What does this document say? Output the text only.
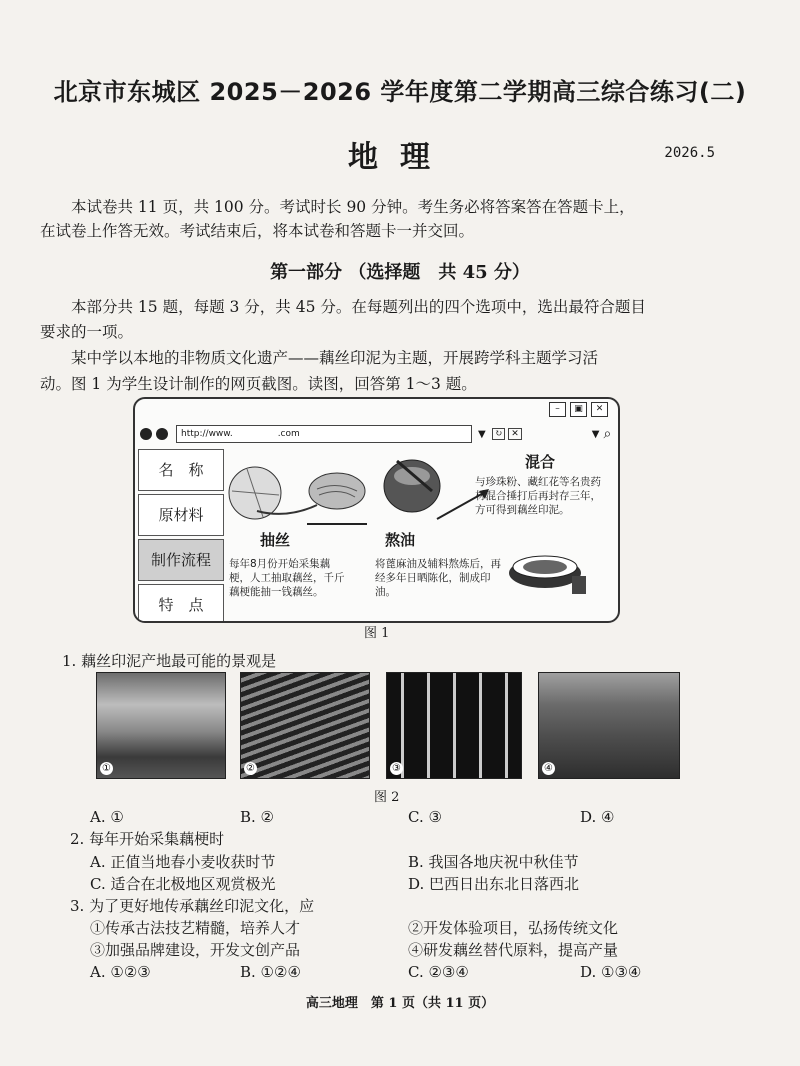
北京市东城区 2025－2026 学年度第二学期高三综合练习(二)
地理	2026.5
本试卷共 11 页，共 100 分。考试时长 90 分钟。考生务必将答案答在答题卡上，
在试卷上作答无效。考试结束后，将本试卷和答题卡一并交回。
第一部分 （选择题　共 45 分）
本部分共 15 题，每题 3 分，共 45 分。在每题列出的四个选项中，选出最符合题目
要求的一项。
某中学以本地的非物质文化遗产——藕丝印泥为主题，开展跨学科主题学习活
动。图 1 为学生设计制作的网页截图。读图，回答第 1～3 题。
–	▣	✕
http://www.　　　　　.com	▼	↻	✕	▼ ⌕
名　称
原材料
制作流程
特　点
抽丝	熬油
混合
每年8月份开始采集藕梗，人工抽取藕丝，千斤藕梗能抽一钱藕丝。
将蓖麻油及辅料熬炼后，再经多年日晒陈化，制成印油。
与珍珠粉、藏红花等名贵药材混合捶打后再封存三年，方可得到藕丝印泥。
图 1
1. 藕丝印泥产地最可能的景观是
①	②	③	④
图 2
A. ①	B. ②	C. ③	D. ④
2. 每年开始采集藕梗时
A. 正值当地春小麦收获时节	B. 我国各地庆祝中秋佳节
C. 适合在北极地区观赏极光	D. 巴西日出东北日落西北
3. 为了更好地传承藕丝印泥文化，应
①传承古法技艺精髓，培养人才	②开发体验项目，弘扬传统文化
③加强品牌建设，开发文创产品	④研发藕丝替代原料，提高产量
A. ①②③	B. ①②④	C. ②③④	D. ①③④
高三地理　第 1 页（共 11 页）
